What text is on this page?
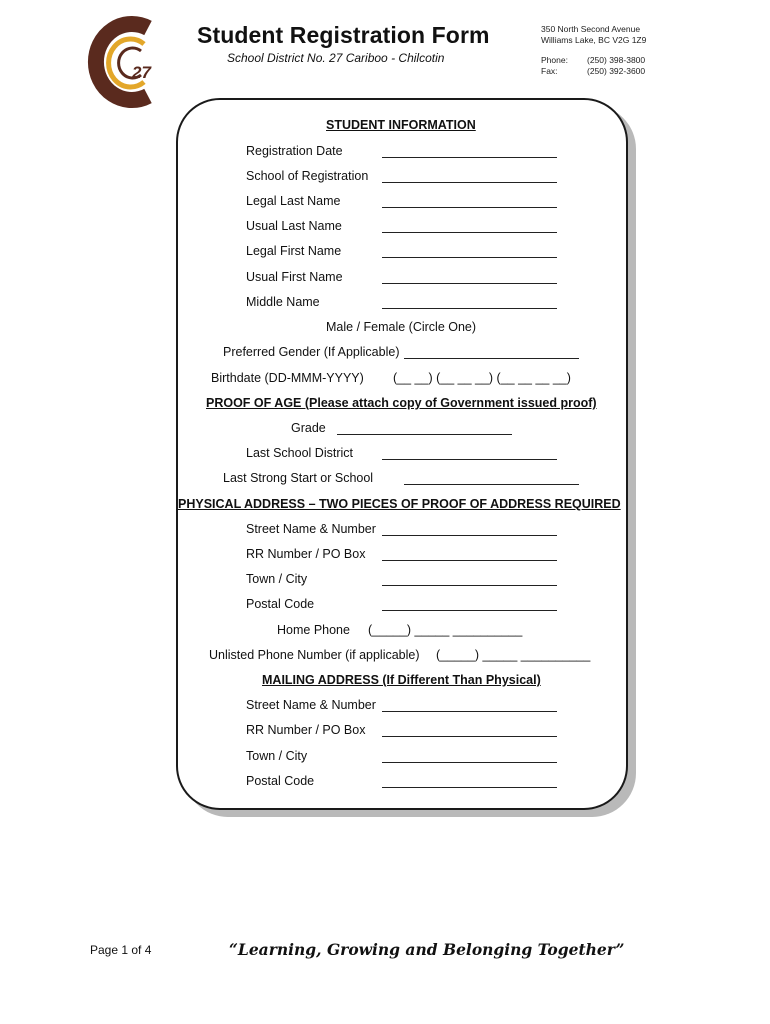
27
Student Registration Form
School District No. 27 Cariboo - Chilcotin
350 North Second Avenue
Williams Lake, BC V2G 1Z9
Phone: (250) 398-3800
Fax:	(250) 392-3600
STUDENT INFORMATION
Registration Date
School of Registration
Legal Last Name
Usual Last Name
Legal First Name
Usual First Name
Middle Name
Male / Female (Circle One)
Preferred Gender (If Applicable)
Birthdate (DD-MMM-YYYY) (__ __) (__ __ __) (__ __ __ __)
PROOF OF AGE (Please attach copy of Government issued proof)
Grade
Last School District
Last Strong Start or School
PHYSICAL ADDRESS – TWO PIECES OF PROOF OF ADDRESS REQUIRED
Street Name & Number
RR Number / PO Box
Town / City
Postal Code
Home Phone (_____) _____ __________
Unlisted Phone Number (if applicable) (_____) _____ __________
MAILING ADDRESS (If Different Than Physical)
Street Name & Number
RR Number / PO Box
Town / City
Postal Code
Page 1 of 4	“Learning, Growing and Belonging Together”
